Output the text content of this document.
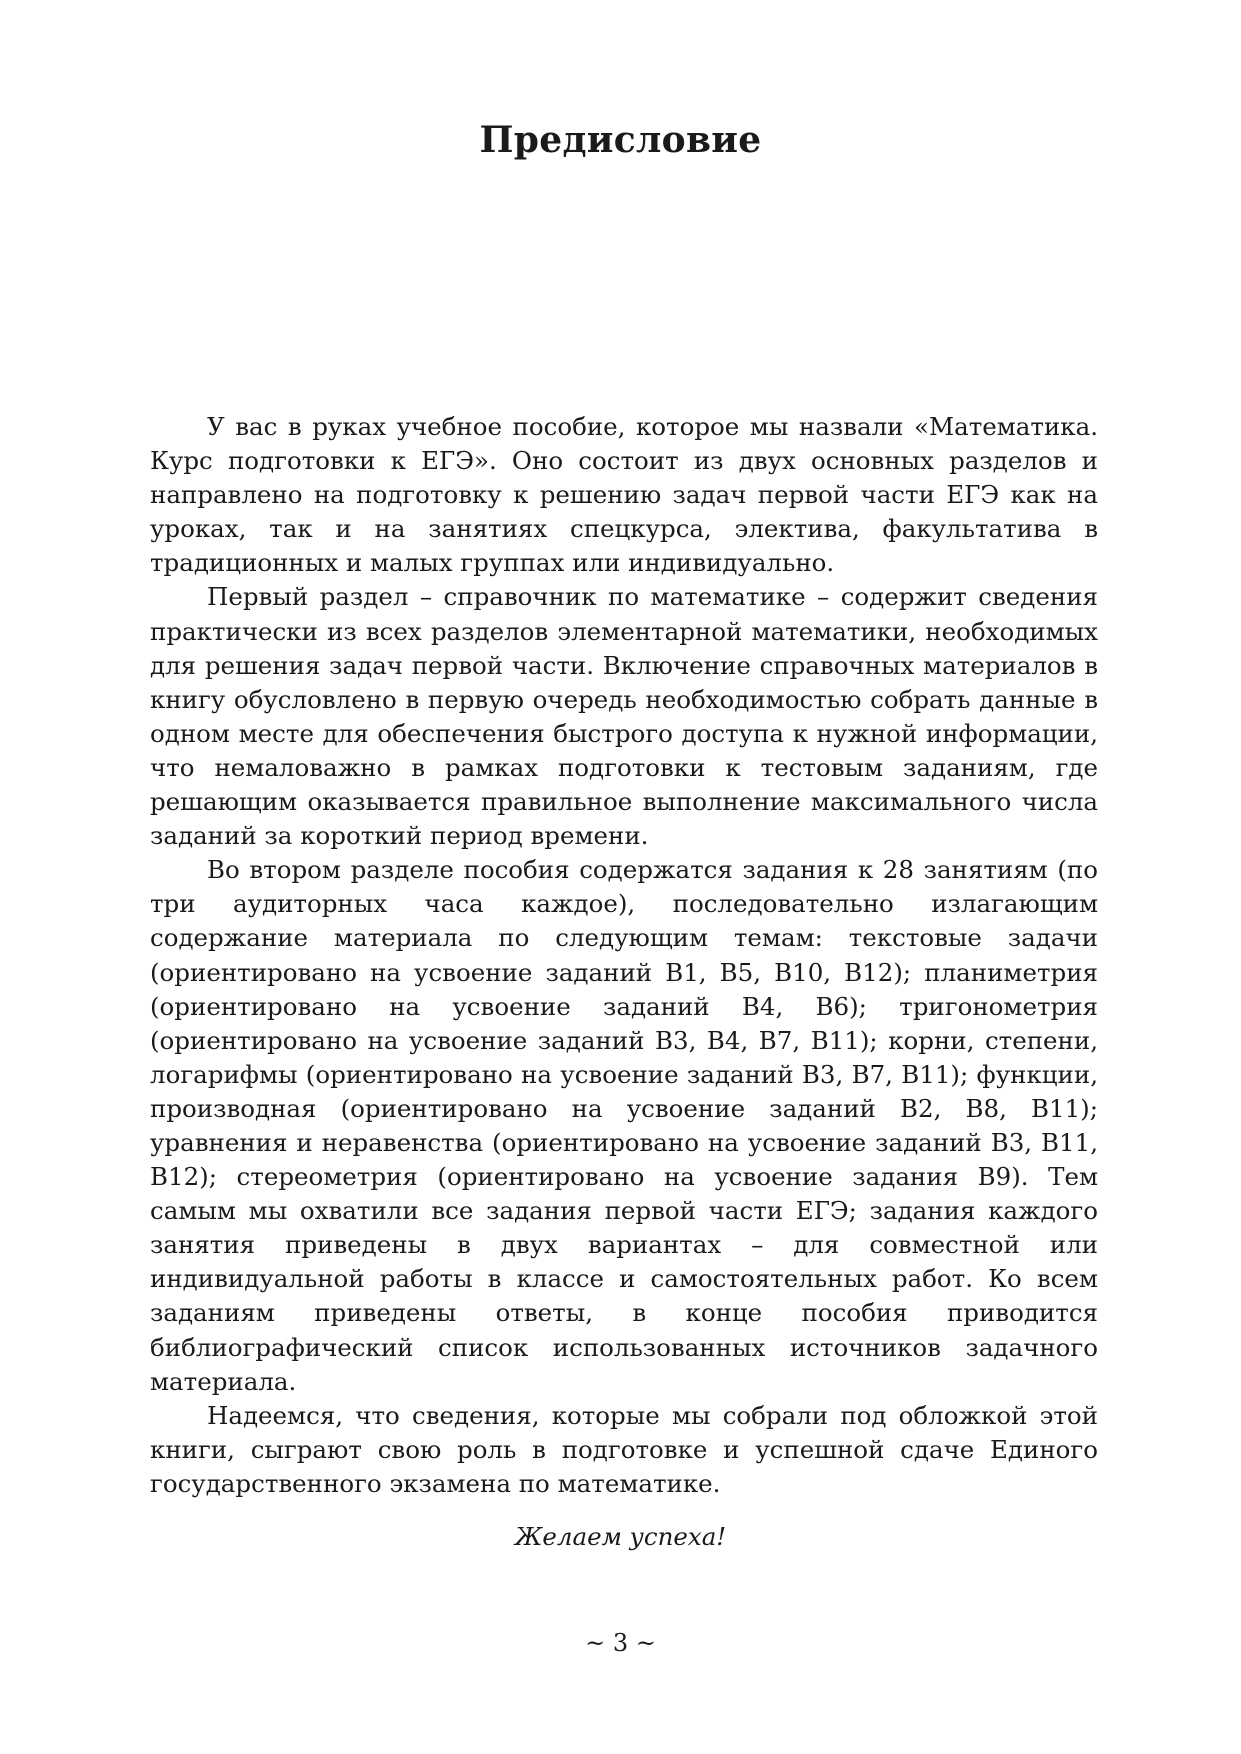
Предисловие

У вас в руках учебное пособие, которое мы назвали «Математика. Курс подготовки к ЕГЭ». Оно состоит из двух основных разделов и направлено на подготовку к решению задач первой части ЕГЭ как на уроках, так и на занятиях спецкурса, электива, факультатива в традиционных и малых группах или индивидуально.

Первый раздел – справочник по математике – содержит сведения практически из всех разделов элементарной математики, необходимых для решения задач первой части. Включение справочных материалов в книгу обусловлено в первую очередь необходимостью собрать данные в одном месте для обеспечения быстрого доступа к нужной информации, что немаловажно в рамках подготовки к тестовым заданиям, где решающим оказывается правильное выполнение максимального числа заданий за короткий период времени.

Во втором разделе пособия содержатся задания к 28 занятиям (по три аудиторных часа каждое), последовательно излагающим содержание материала по следующим темам: текстовые задачи (ориентировано на усвоение заданий B1, B5, B10, B12); планиметрия (ориентировано на усвоение заданий B4, B6); тригонометрия (ориентировано на усвоение заданий B3, B4, B7, B11); корни, степени, логарифмы (ориентировано на усвоение заданий B3, B7, B11); функции, производная (ориентировано на усвоение заданий B2, B8, B11); уравнения и неравенства (ориентировано на усвоение заданий B3, B11, B12); стереометрия (ориентировано на усвоение задания B9). Тем самым мы охватили все задания первой части ЕГЭ; задания каждого занятия приведены в двух вариантах – для совместной или индивидуальной работы в классе и самостоятельных работ. Ко всем заданиям приведены ответы, в конце пособия приводится библиографический список использованных источников задачного материала.

Надеемся, что сведения, которые мы собрали под обложкой этой книги, сыграют свою роль в подготовке и успешной сдаче Единого государственного экзамена по математике.

Желаем успеха!

~ 3 ~
